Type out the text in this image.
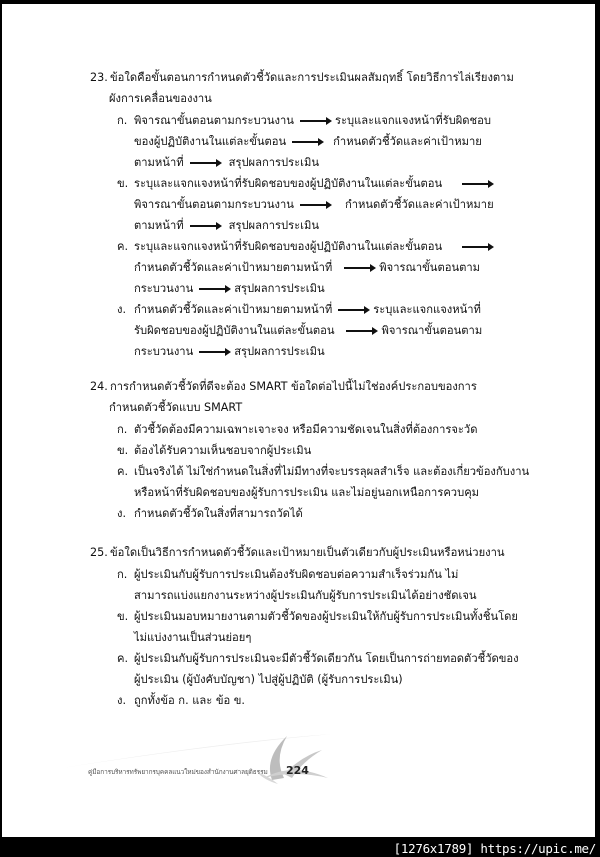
23. ข้อใดคือขั้นตอนการกำหนดตัวชี้วัดและการประเมินผลสัมฤทธิ์ โดยวิธีการไล่เรียงตาม
ผังการเคลื่อนของงาน

ก. พิจารณาขั้นตอนตามกระบวนงาน	ระบุและแจกแจงหน้าที่รับผิดชอบ
ของผู้ปฏิบัติงานในแต่ละขั้นตอน	กำหนดตัวชี้วัดและค่าเป้าหมาย
ตามหน้าที่	สรุปผลการประเมิน
ข. ระบุและแจกแจงหน้าที่รับผิดชอบของผู้ปฏิบัติงานในแต่ละขั้นตอน
พิจารณาขั้นตอนตามกระบวนงาน	กำหนดตัวชี้วัดและค่าเป้าหมาย
ตามหน้าที่	สรุปผลการประเมิน
ค. ระบุและแจกแจงหน้าที่รับผิดชอบของผู้ปฏิบัติงานในแต่ละขั้นตอน
กำหนดตัวชี้วัดและค่าเป้าหมายตามหน้าที่	พิจารณาขั้นตอนตาม
กระบวนงาน	สรุปผลการประเมิน
ง. กำหนดตัวชี้วัดและค่าเป้าหมายตามหน้าที่	ระบุและแจกแจงหน้าที่
รับผิดชอบของผู้ปฏิบัติงานในแต่ละขั้นตอน	พิจารณาขั้นตอนตาม
กระบวนงาน	สรุปผลการประเมิน

24. การกำหนดตัวชี้วัดที่ดีจะต้อง SMART ข้อใดต่อไปนี้ไม่ใช่องค์ประกอบของการ
กำหนดตัวชี้วัดแบบ SMART

ก. ตัวชี้วัดต้องมีความเฉพาะเจาะจง หรือมีความชัดเจนในสิ่งที่ต้องการจะวัด
ข. ต้องได้รับความเห็นชอบจากผู้ประเมิน
ค. เป็นจริงได้ ไม่ใช่กำหนดในสิ่งที่ไม่มีทางที่จะบรรลุผลสำเร็จ และต้องเกี่ยวข้องกับงาน
หรือหน้าที่รับผิดชอบของผู้รับการประเมิน และไม่อยู่นอกเหนือการควบคุม
ง. กำหนดตัวชี้วัดในสิ่งที่สามารถวัดได้

25. ข้อใดเป็นวิธีการกำหนดตัวชี้วัดและเป้าหมายเป็นตัวเดียวกับผู้ประเมินหรือหน่วยงาน

ก. ผู้ประเมินกับผู้รับการประเมินต้องรับผิดชอบต่อความสำเร็จร่วมกัน ไม่
สามารถแบ่งแยกงานระหว่างผู้ประเมินกับผู้รับการประเมินได้อย่างชัดเจน
ข. ผู้ประเมินมอบหมายงานตามตัวชี้วัดของผู้ประเมินให้กับผู้รับการประเมินทั้งชิ้นโดย
ไม่แบ่งงานเป็นส่วนย่อยๆ
ค. ผู้ประเมินกับผู้รับการประเมินจะมีตัวชี้วัดเดียวกัน โดยเป็นการถ่ายทอดตัวชี้วัดของ
ผู้ประเมิน (ผู้บังคับบัญชา) ไปสู่ผู้ปฏิบัติ (ผู้รับการประเมิน)
ง. ถูกทั้งข้อ ก. และ ข้อ ข.
คู่มือการบริหารทรัพยากรบุคคลแนวใหม่ของสำนักงานศาลยุติธรรม 224
[1276x1789] https://upic.me/
